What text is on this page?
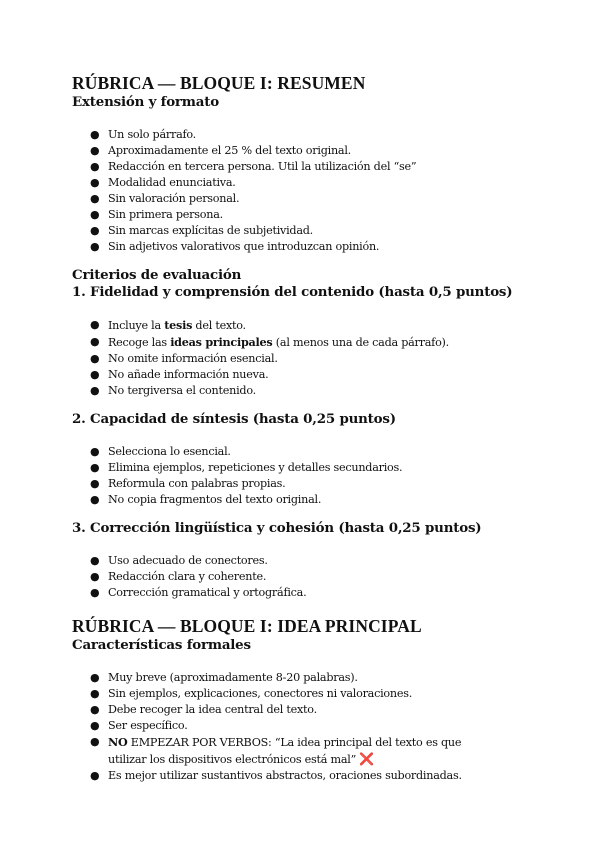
RÚBRICA — BLOQUE I: RESUMEN
Extensión y formato
● Un solo párrafo.
● Aproximadamente el 25 % del texto original.
● Redacción en tercera persona. Util la utilización del “se”
● Modalidad enunciativa.
● Sin valoración personal.
● Sin primera persona.
● Sin marcas explícitas de subjetividad.
● Sin adjetivos valorativos que introduzcan opinión.
Criterios de evaluación
1. Fidelidad y comprensión del contenido (hasta 0,5 puntos)
● Incluye la tesis del texto.
● Recoge las ideas principales (al menos una de cada párrafo).
● No omite información esencial.
● No añade información nueva.
● No tergiversa el contenido.
2. Capacidad de síntesis (hasta 0,25 puntos)
● Selecciona lo esencial.
● Elimina ejemplos, repeticiones y detalles secundarios.
● Reformula con palabras propias.
● No copia fragmentos del texto original.
3. Corrección lingüística y cohesión (hasta 0,25 puntos)
● Uso adecuado de conectores.
● Redacción clara y coherente.
● Corrección gramatical y ortográfica.
RÚBRICA — BLOQUE I: IDEA PRINCIPAL
Características formales
● Muy breve (aproximadamente 8-20 palabras).
● Sin ejemplos, explicaciones, conectores ni valoraciones.
● Debe recoger la idea central del texto.
● Ser específico.
● NO EMPEZAR POR VERBOS: “La idea principal del texto es que
utilizar los dispositivos electrónicos está mal” ❌
● Es mejor utilizar sustantivos abstractos, oraciones subordinadas.
